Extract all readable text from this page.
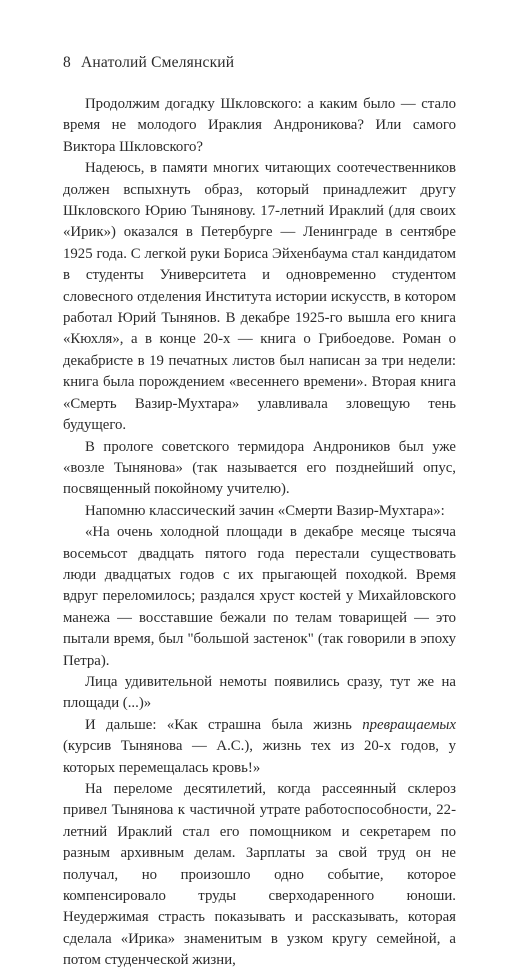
8 Анатолий Смелянский

Продолжим догадку Шкловского: а каким было — стало время не молодого Ираклия Андроникова? Или самого Виктора Шкловского?

Надеюсь, в памяти многих читающих соотечественников должен вспыхнуть образ, который принадлежит другу Шкловского Юрию Тынянову. 17-летний Ираклий (для своих «Ирик») оказался в Петербурге — Ленинграде в сентябре 1925 года. С легкой руки Бориса Эйхенбаума стал кандидатом в студенты Университета и одновременно студентом словесного отделения Института истории искусств, в котором работал Юрий Тынянов. В декабре 1925-го вышла его книга «Кюхля», а в конце 20-х — книга о Грибоедове. Роман о декабристе в 19 печатных листов был написан за три недели: книга была порождением «весеннего времени». Вторая книга «Смерть Вазир-Мухтара» улавливала зловещую тень будущего.

В прологе советского термидора Андроников был уже «возле Тынянова» (так называется его позднейший опус, посвященный покойному учителю).

Напомню классический зачин «Смерти Вазир-Мухтара»:

«На очень холодной площади в декабре месяце тысяча восемьсот двадцать пятого года перестали существовать люди двадцатых годов с их прыгающей походкой. Время вдруг переломилось; раздался хруст костей у Михайловского манежа — восставшие бежали по телам товарищей — это пытали время, был "большой застенок" (так говорили в эпоху Петра).

Лица удивительной немоты появились сразу, тут же на площади (...)»

И дальше: «Как страшна была жизнь превращаемых (курсив Тынянова — А.С.), жизнь тех из 20-х годов, у которых перемещалась кровь!»

На переломе десятилетий, когда рассеянный склероз привел Тынянова к частичной утрате работоспособности, 22-летний Ираклий стал его помощником и секретарем по разным архивным делам. Зарплаты за свой труд он не получал, но произошло одно событие, которое компенсировало труды сверходаренного юноши. Неудержимая страсть показывать и рассказывать, которая сделала «Ирика» знаменитым в узком кругу семейной, а потом студенческой жизни,
